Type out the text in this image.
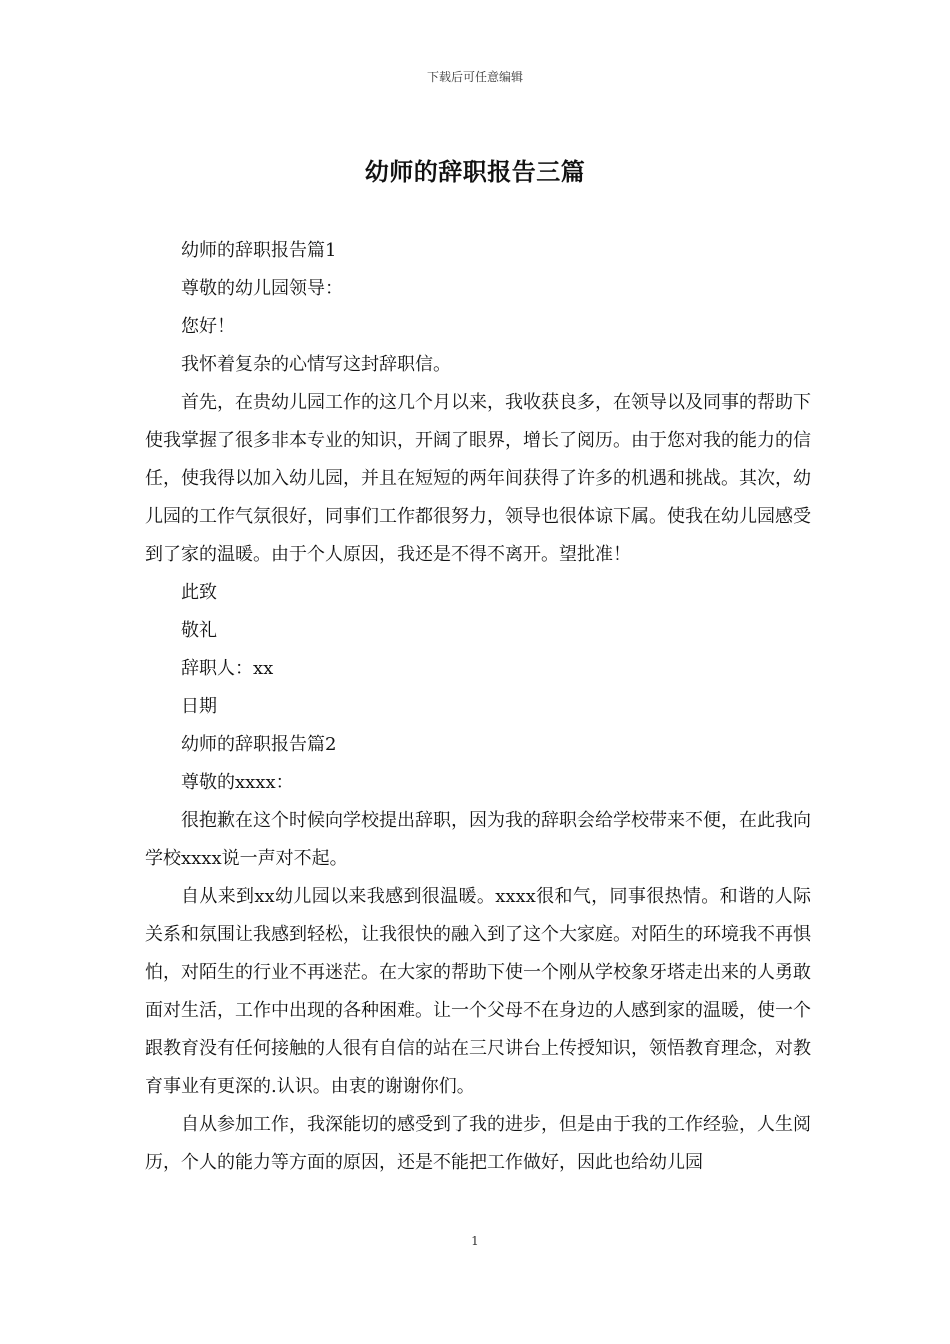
下载后可任意编辑
幼师的辞职报告三篇

幼师的辞职报告篇1

尊敬的幼儿园领导：

您好！

我怀着复杂的心情写这封辞职信。

首先，在贵幼儿园工作的这几个月以来，我收获良多，在领导以及同事的帮助下使我掌握了很多非本专业的知识，开阔了眼界，增长了阅历。由于您对我的能力的信任，使我得以加入幼儿园，并且在短短的两年间获得了许多的机遇和挑战。其次，幼儿园的工作气氛很好，同事们工作都很努力，领导也很体谅下属。使我在幼儿园感受到了家的温暖。由于个人原因，我还是不得不离开。望批准！

此致

敬礼

辞职人：xx

日期

幼师的辞职报告篇2

尊敬的xxxx：

很抱歉在这个时候向学校提出辞职，因为我的辞职会给学校带来不便，在此我向学校xxxx说一声对不起。

自从来到xx幼儿园以来我感到很温暖。xxxx很和气，同事很热情。和谐的人际关系和氛围让我感到轻松，让我很快的融入到了这个大家庭。对陌生的环境我不再惧怕，对陌生的行业不再迷茫。在大家的帮助下使一个刚从学校象牙塔走出来的人勇敢面对生活，工作中出现的各种困难。让一个父母不在身边的人感到家的温暖，使一个跟教育没有任何接触的人很有自信的站在三尺讲台上传授知识，领悟教育理念，对教育事业有更深的.认识。由衷的谢谢你们。

自从参加工作，我深能切的感受到了我的进步，但是由于我的工作经验，人生阅历，个人的能力等方面的原因，还是不能把工作做好，因此也给幼儿园

1
